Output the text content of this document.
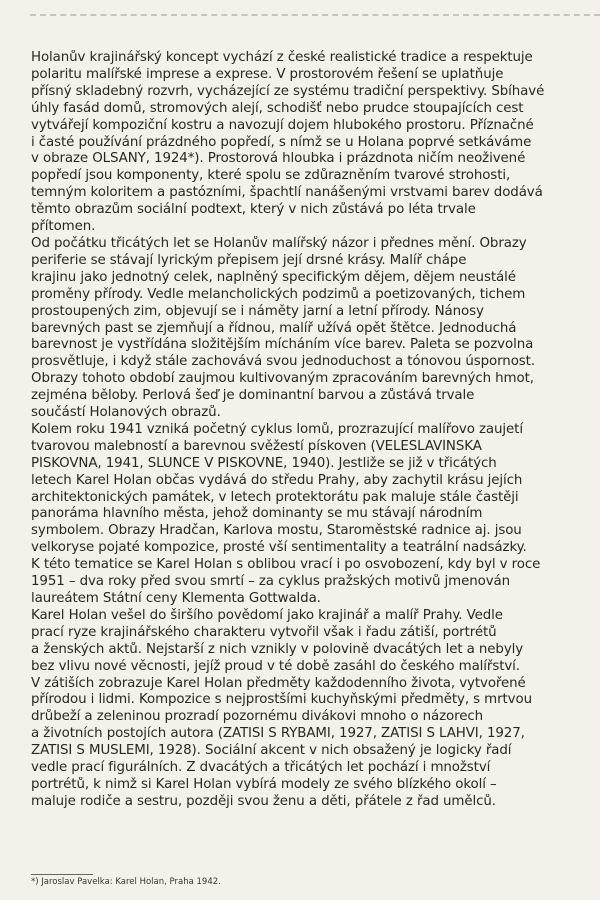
Holanův krajinářský koncept vychází z české realistické tradice a respektuje
polaritu malířské imprese a exprese. V prostorovém řešení se uplatňuje
přísný skladebný rozvrh, vycházející ze systému tradiční perspektivy. Sbíhavé
úhly fasád domů, stromových alejí, schodišť nebo prudce stoupajících cest
vytvářejí kompoziční kostru a navozují dojem hlubokého prostoru. Příznačné
i časté používání prázdného popředí, s nímž se u Holana poprvé setkáváme
v obraze OLŠANY, 1924*). Prostorová hloubka i prázdnota ničím neoživené
popředí jsou komponenty, které spolu se zdůrazněním tvarové strohosti,
temným koloritem a pastózními, špachtlí nanášenými vrstvami barev dodává
těmto obrazům sociální podtext, který v nich zůstává po léta trvale
přítomen.
Od počátku třicátých let se Holanův malířský názor i přednes mění. Obrazy
periferie se stávají lyrickým přepisem její drsné krásy. Malíř chápe
krajinu jako jednotný celek, naplněný specifickým dějem, dějem neustálé
proměny přírody. Vedle melancholických podzimů a poetizovaných, tichem
prostoupených zim, objevují se i náměty jarní a letní přírody. Nánosy
barevných past se zjemňují a řídnou, malíř užívá opět štětce. Jednoduchá
barevnost je vystřídána složitějším mícháním více barev. Paleta se pozvolna
prosvětluje, i když stále zachovává svou jednoduchost a tónovou úspornost.
Obrazy tohoto období zaujmou kultivovaným zpracováním barevných hmot,
zejména běloby. Perlová šeď je dominantní barvou a zůstává trvale
součástí Holanových obrazů.
Kolem roku 1941 vzniká početný cyklus lomů, prozrazující malířovo zaujetí
tvarovou malebností a barevnou svěžestí pískoven (VELESLAVÍNSKÁ
PÍSKOVNA, 1941, SLUNCE V PÍSKOVNĚ, 1940). Jestliže se již v třicátých
letech Karel Holan občas vydává do středu Prahy, aby zachytil krásu jejích
architektonických památek, v letech protektorátu pak maluje stále častěji
panoráma hlavního města, jehož dominanty se mu stávají národním
symbolem. Obrazy Hradčan, Karlova mostu, Staroměstské radnice aj. jsou
velkoryse pojaté kompozice, prosté vší sentimentality a teatrální nadsázky.
K této tematice se Karel Holan s oblibou vrací i po osvobození, kdy byl v roce
1951 – dva roky před svou smrtí – za cyklus pražských motivů jmenován
laureátem Státní ceny Klementa Gottwalda.
Karel Holan vešel do širšího povědomí jako krajinář a malíř Prahy. Vedle
prací ryze krajinářského charakteru vytvořil však i řadu zátiší, portrétů
a ženských aktů. Nejstarší z nich vznikly v polovině dvacátých let a nebyly
bez vlivu nové věcnosti, jejíž proud v té době zasáhl do českého malířství.
V zátiších zobrazuje Karel Holan předměty každodenního života, vytvořené
přírodou i lidmi. Kompozice s nejprostšími kuchyňskými předměty, s mrtvou
drůbeží a zeleninou prozradí pozornému divákovi mnoho o názorech
a životních postojích autora (ZÁTIŠÍ S RYBAMI, 1927, ZÁTIŠÍ S LAHVÍ, 1927,
ZÁTIŠÍ S MUŠLEMI, 1928). Sociální akcent v nich obsažený je logicky řadí
vedle prací figurálních. Z dvacátých a třicátých let pochází i množství
portrétů, k nimž si Karel Holan vybírá modely ze svého blízkého okolí –
maluje rodiče a sestru, později svou ženu a děti, přátele z řad umělců.
*) Jaroslav Pavelka: Karel Holan, Praha 1942.
